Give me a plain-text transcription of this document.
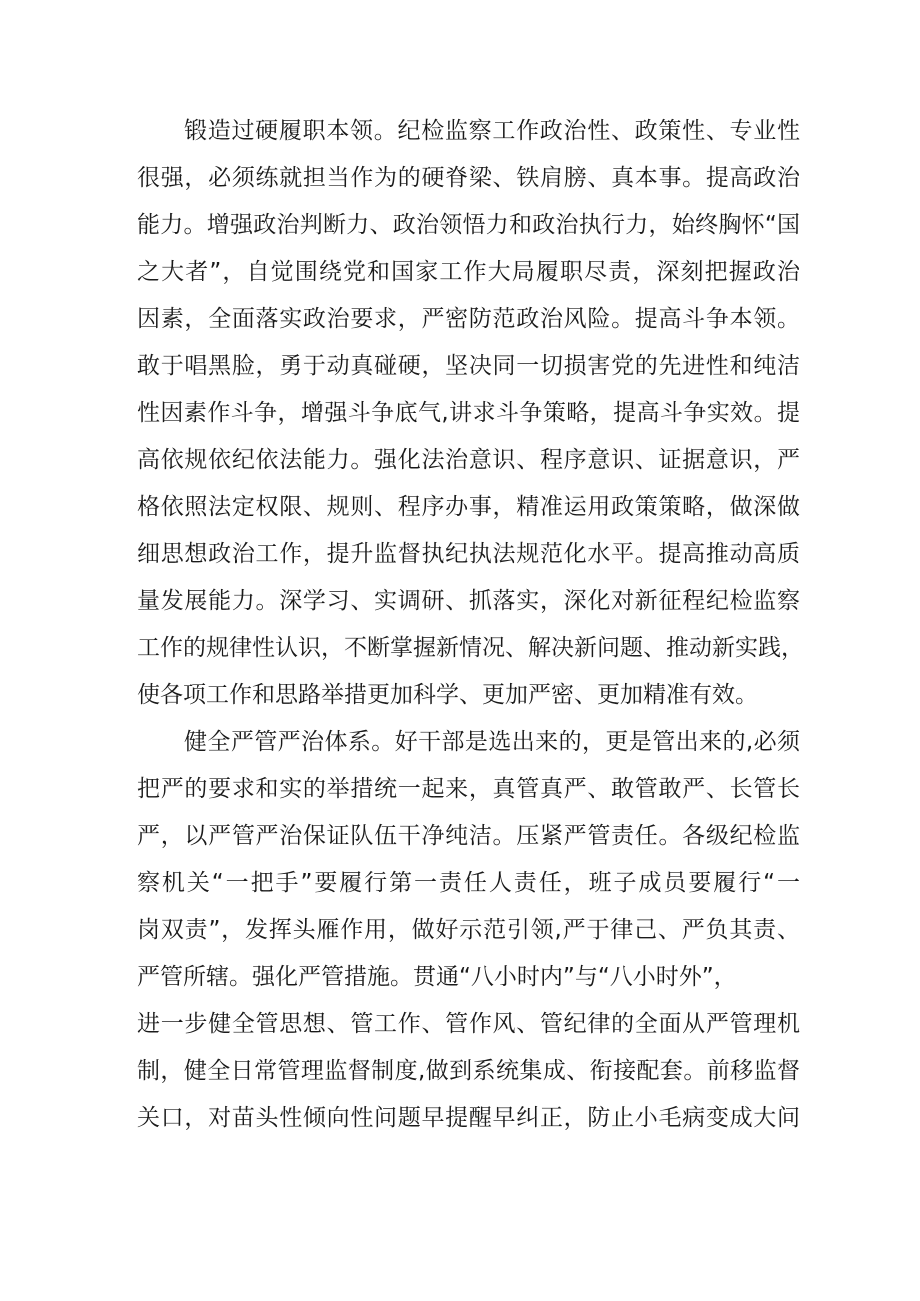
锻造过硬履职本领。纪检监察工作政治性、政策性、专业性
很强，必须练就担当作为的硬脊梁、铁肩膀、真本事。提高政治
能力。增强政治判断力、政治领悟力和政治执行力，始终胸怀“国
之大者”，自觉围绕党和国家工作大局履职尽责，深刻把握政治
因素，全面落实政治要求，严密防范政治风险。提高斗争本领。
敢于唱黑脸，勇于动真碰硬，坚决同一切损害党的先进性和纯洁
性因素作斗争，增强斗争底气,讲求斗争策略，提高斗争实效。提
高依规依纪依法能力。强化法治意识、程序意识、证据意识，严
格依照法定权限、规则、程序办事，精准运用政策策略，做深做
细思想政治工作，提升监督执纪执法规范化水平。提高推动高质
量发展能力。深学习、实调研、抓落实，深化对新征程纪检监察
工作的规律性认识，不断掌握新情况、解决新问题、推动新实践，
使各项工作和思路举措更加科学、更加严密、更加精准有效。
健全严管严治体系。好干部是选出来的，更是管出来的,必须
把严的要求和实的举措统一起来，真管真严、敢管敢严、长管长
严，以严管严治保证队伍干净纯洁。压紧严管责任。各级纪检监
察机关“一把手”要履行第一责任人责任，班子成员要履行“一
岗双责”，发挥头雁作用，做好示范引领,严于律己、严负其责、
严管所辖。强化严管措施。贯通“八小时内”与“八小时外”，
进一步健全管思想、管工作、管作风、管纪律的全面从严管理机
制，健全日常管理监督制度,做到系统集成、衔接配套。前移监督
关口，对苗头性倾向性问题早提醒早纠正，防止小毛病变成大问
